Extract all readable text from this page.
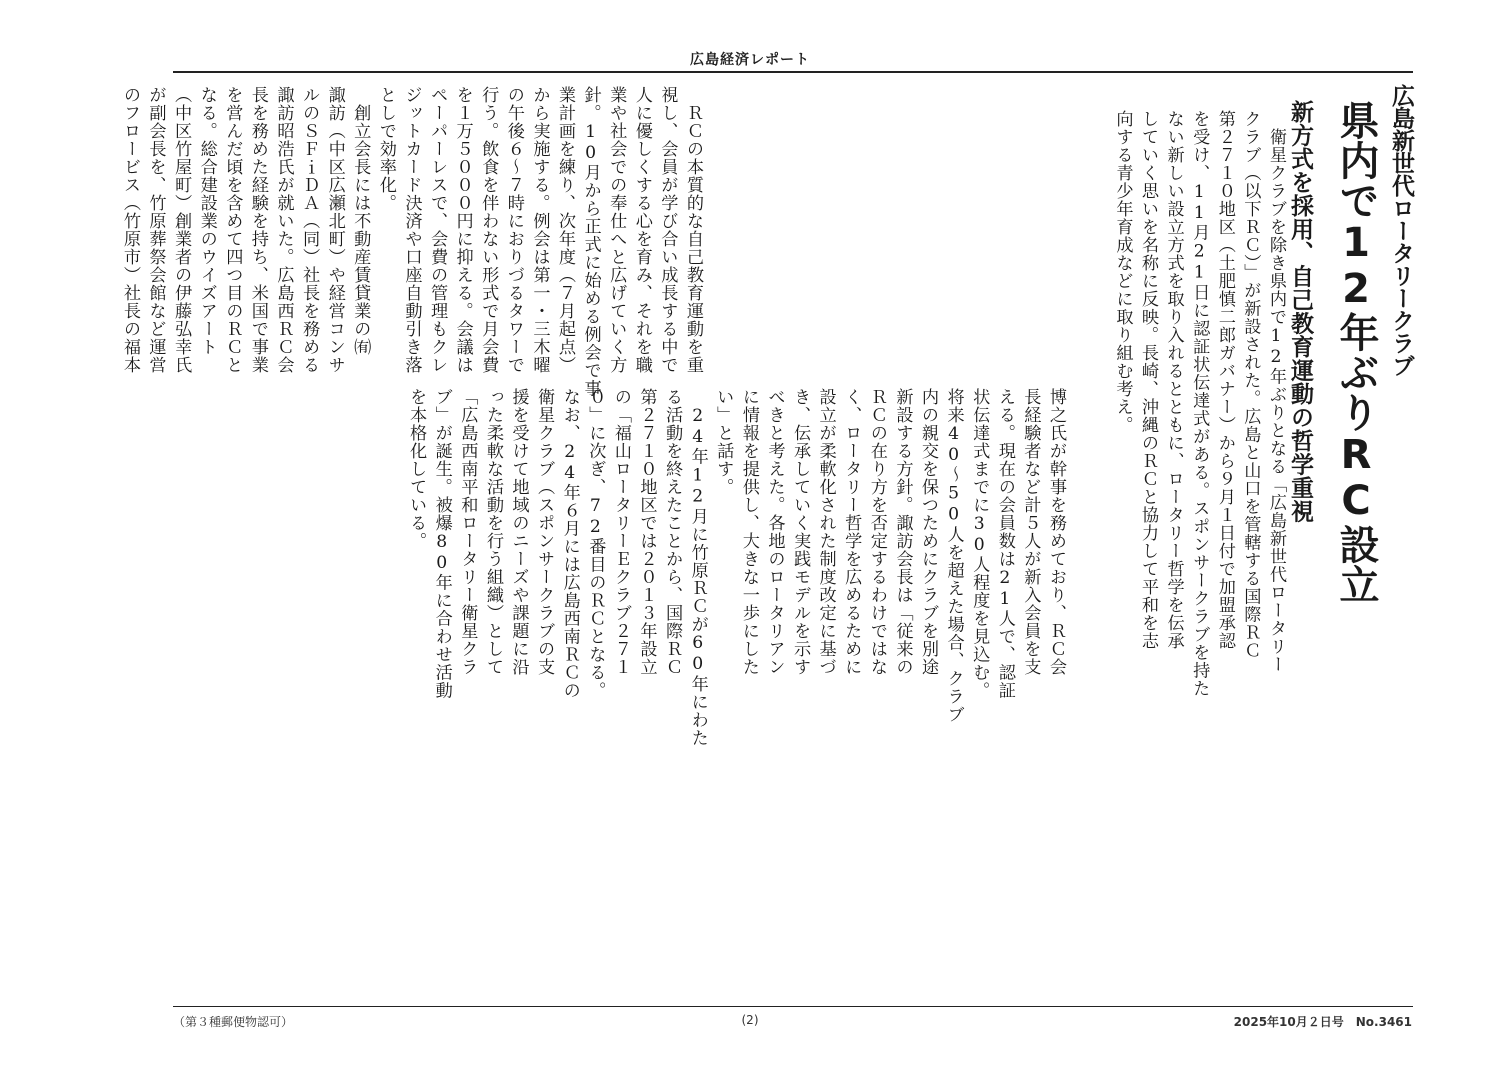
広島経済レポート
広島新世代ロータリークラブ
県内で12年ぶりRC設立
新方式を採用、自己教育運動の哲学重視
　衛星クラブを除き県内で12年ぶりとなる「広島新世代ロータリー
クラブ（以下ＲＣ）」が新設された。広島と山口を管轄する国際ＲＣ
第２７１０地区（土肥慎二郎ガバナー）から９月１日付で加盟承認
を受け、11月21日に認証状伝達式がある。スポンサークラブを持た
ない新しい設立方式を取り入れるとともに、ロータリー哲学を伝承
していく思いを名称に反映。長崎、沖縄のＲＣと協力して平和を志
向する青少年育成などに取り組む考え。
博之氏が幹事を務めており、ＲＣ会
長経験者など計５人が新入会員を支
える。現在の会員数は21人で、認証
状伝達式までに30人程度を見込む。
将来40～50人を超えた場合、クラブ
内の親交を保つためにクラブを別途
新設する方針。諏訪会長は「従来の
ＲＣの在り方を否定するわけではな
く、ロータリー哲学を広めるために
設立が柔軟化された制度改定に基づ
き、伝承していく実践モデルを示す
べきと考えた。各地のロータリアン
に情報を提供し、大きな一歩にした
い」と話す。
　24年12月に竹原ＲＣが60年にわた
る活動を終えたことから、国際ＲＣ
第２７１０地区では２０１３年設立
の「福山ロータリーＥクラブ２７１
０」に次ぎ、72番目のＲＣとなる。
なお、24年６月には広島西南ＲＣの
衛星クラブ（スポンサークラブの支
援を受けて地域のニーズや課題に沿
った柔軟な活動を行う組織）として
「広島西南平和ロータリー衛星クラ
ブ」が誕生。被爆80年に合わせ活動
を本格化している。
　ＲＣの本質的な自己教育運動を重
視し、会員が学び合い成長する中で
人に優しくする心を育み、それを職
業や社会での奉仕へと広げていく方
針。10月から正式に始める例会で事
業計画を練り、次年度（７月起点）
から実施する。例会は第一・三木曜
の午後６～７時におりづるタワーで
行う。飲食を伴わない形式で月会費
を１万５０００円に抑える。会議は
ペーパーレスで、会費の管理もクレ
ジットカード決済や口座自動引き落
としで効率化。
　創立会長には不動産賃貸業の㈲
諏訪（中区広瀬北町）や経営コンサ
ルのＳＦｉＤＡ（同）社長を務める
諏訪昭浩氏が就いた。広島西ＲＣ会
長を務めた経験を持ち、米国で事業
を営んだ頃を含めて四つ目のＲＣと
なる。総合建設業のウイズアート
（中区竹屋町）創業者の伊藤弘幸氏
が副会長を、竹原葬祭会館など運営
のフロービス（竹原市）社長の福本
（第３種郵便物認可）	(2)	2025年10月２日号　No.3461
